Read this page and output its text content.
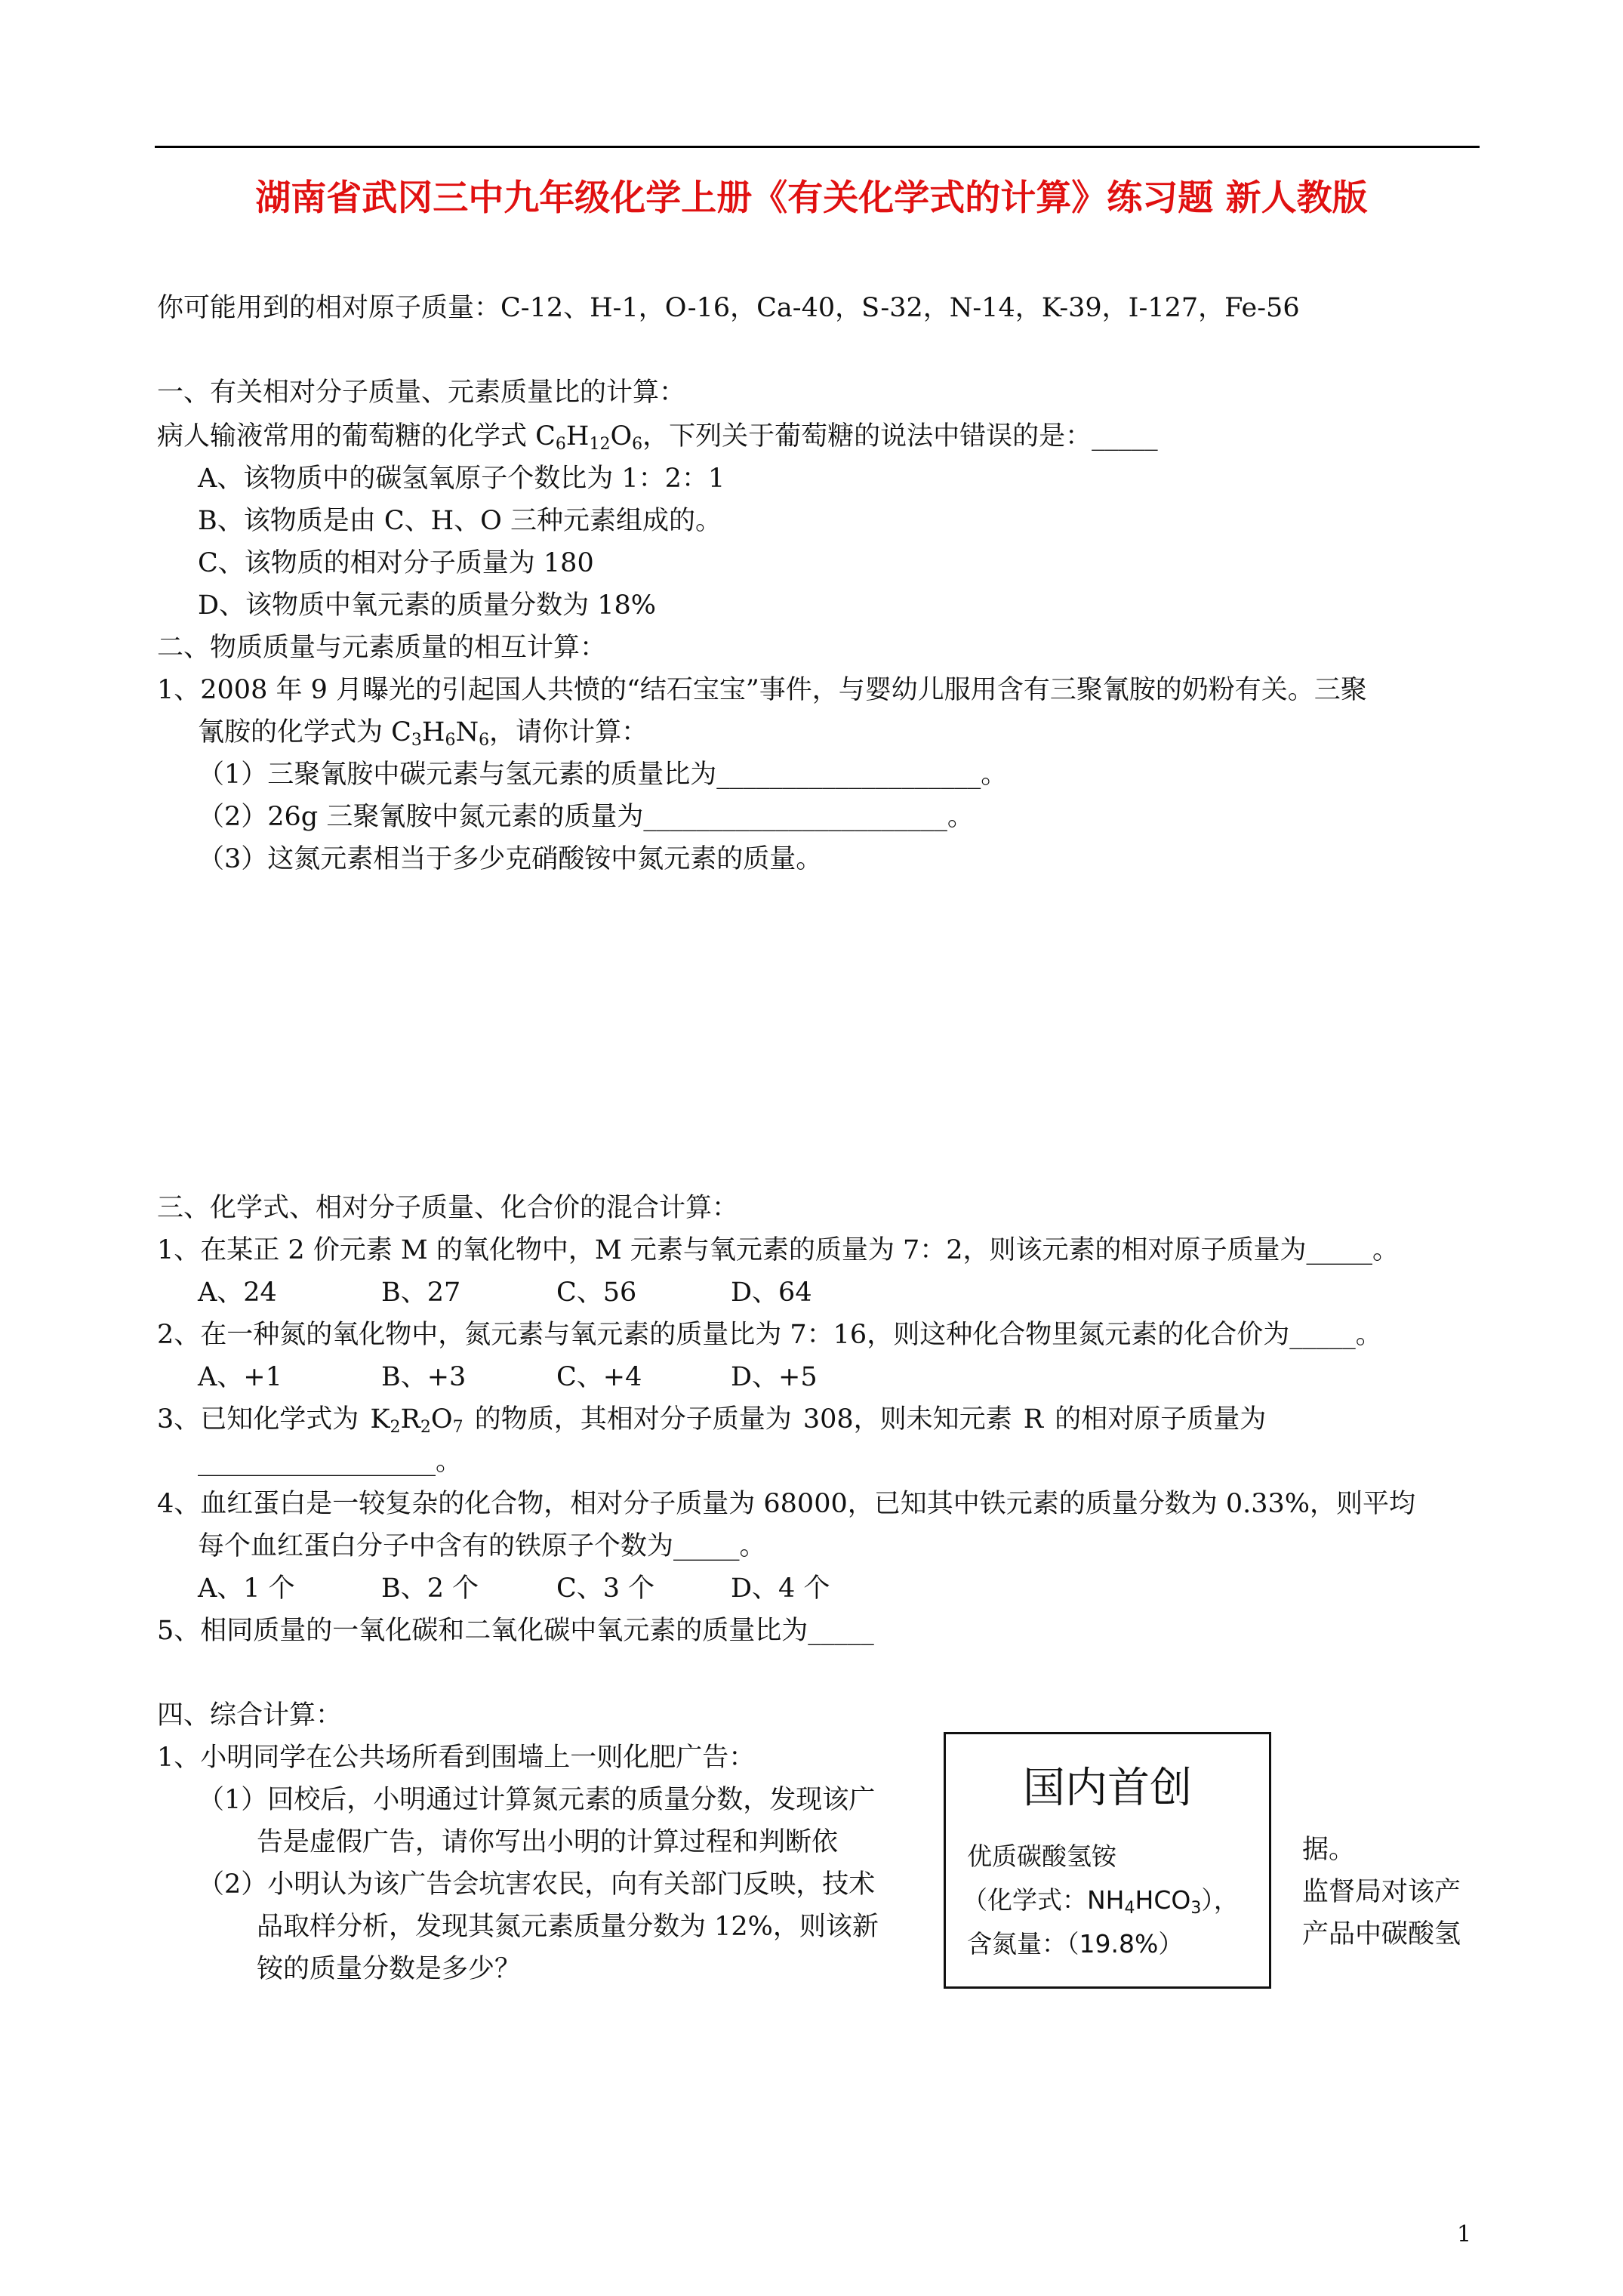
湖南省武冈三中九年级化学上册《有关化学式的计算》练习题 新人教版
你可能用到的相对原子质量：C-12、H-1，O-16，Ca-40，S-32，N-14，K-39，I-127，Fe-56
一、有关相对分子质量、元素质量比的计算：
病人输液常用的葡萄糖的化学式 $C_6H_{12}O_6$，下列关于葡萄糖的说法中错误的是：_____
A、该物质中的碳氢氧原子个数比为 1：2：1
B、该物质是由 C、H、O 三种元素组成的。
C、该物质的相对分子质量为 180
D、该物质中氧元素的质量分数为 18%
二、物质质量与元素质量的相互计算：
1、2008 年 9 月曝光的引起国人共愤的“结石宝宝”事件，与婴幼儿服用含有三聚氰胺的奶粉有关。三聚
氰胺的化学式为 $C_3H_6N_6$，请你计算：
（1）三聚氰胺中碳元素与氢元素的质量比为____________________。
（2）26g 三聚氰胺中氮元素的质量为_______________________。
（3）这氮元素相当于多少克硝酸铵中氮元素的质量。
三、化学式、相对分子质量、化合价的混合计算：
1、在某正 2 价元素 M 的氧化物中，M 元素与氧元素的质量为 7：2，则该元素的相对原子质量为_____。
A、24	B、27	C、56	D、64
2、在一种氮的氧化物中，氮元素与氧元素的质量比为 7：16，则这种化合物里氮元素的化合价为_____。
A、+1	B、+3	C、+4	D、+5
3、已知化学式为 $K_2R_2O_7$ 的物质，其相对分子质量为 308，则未知元素 R 的相对原子质量为
__________________。
4、血红蛋白是一较复杂的化合物，相对分子质量为 68000，已知其中铁元素的质量分数为 0.33%，则平均
每个血红蛋白分子中含有的铁原子个数为_____。
A、1 个	B、2 个	C、3 个	D、4 个
5、相同质量的一氧化碳和二氧化碳中氧元素的质量比为_____
四、综合计算：
1、小明同学在公共场所看到围墙上一则化肥广告：
（1）回校后，小明通过计算氮元素的质量分数，发现该广
告是虚假广告，请你写出小明的计算过程和判断依	据。
（2）小明认为该广告会坑害农民，向有关部门反映，技术	监督局对该产
品取样分析，发现其氮元素质量分数为 12%，则该新	产品中碳酸氢
铵的质量分数是多少？
国内首创
优质碳酸氢铵
（化学式：$NH_4HCO_3$），
含氮量：（19.8%）
1
